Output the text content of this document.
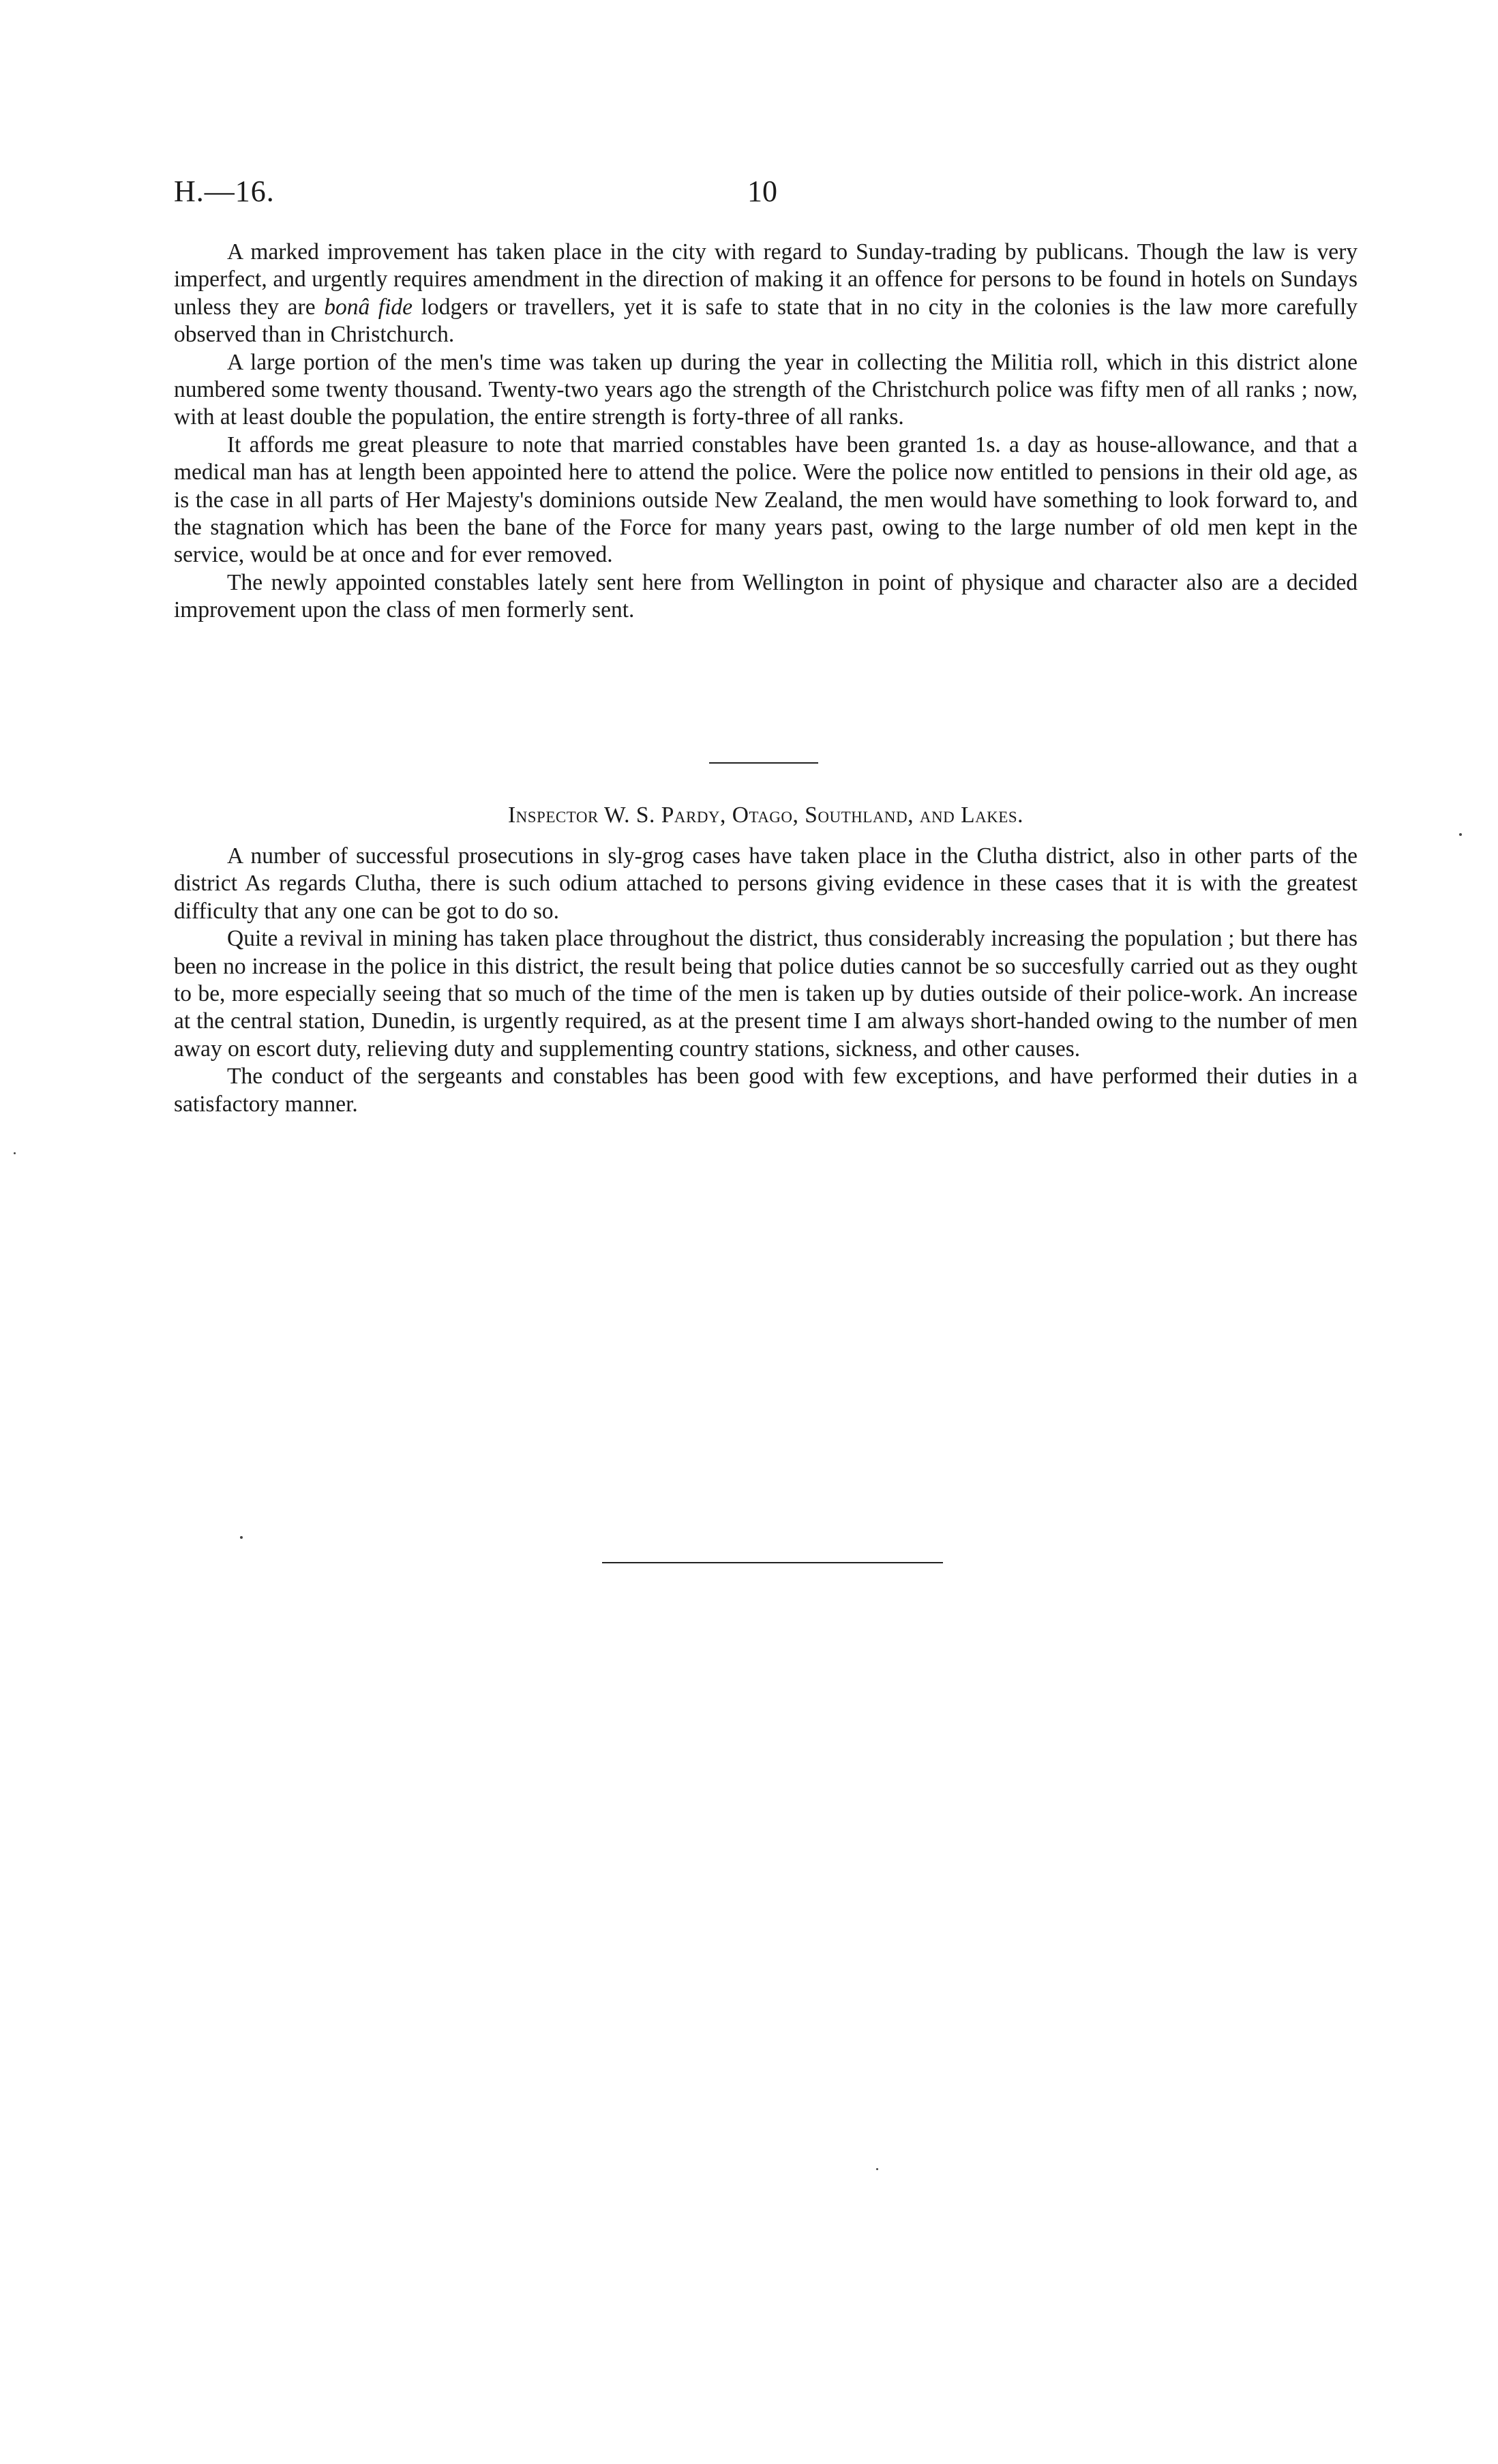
H.—16.	10

A marked improvement has taken place in the city with regard to Sunday-trading by publicans. Though the law is very imperfect, and urgently requires amendment in the direction of making it an offence for persons to be found in hotels on Sundays unless they are bonâ fide lodgers or travellers, yet it is safe to state that in no city in the colonies is the law more carefully observed than in Christchurch.

A large portion of the men's time was taken up during the year in collecting the Militia roll, which in this district alone numbered some twenty thousand. Twenty-two years ago the strength of the Christchurch police was fifty men of all ranks ; now, with at least double the population, the entire strength is forty-three of all ranks.

It affords me great pleasure to note that married constables have been granted 1s. a day as house-allowance, and that a medical man has at length been appointed here to attend the police. Were the police now entitled to pensions in their old age, as is the case in all parts of Her Majesty's dominions outside New Zealand, the men would have something to look forward to, and the stagnation which has been the bane of the Force for many years past, owing to the large number of old men kept in the service, would be at once and for ever removed.

The newly appointed constables lately sent here from Wellington in point of physique and character also are a decided improvement upon the class of men formerly sent.

Inspector W. S. Pardy, Otago, Southland, and Lakes.

A number of successful prosecutions in sly-grog cases have taken place in the Clutha district, also in other parts of the district As regards Clutha, there is such odium attached to persons giving evidence in these cases that it is with the greatest difficulty that any one can be got to do so.

Quite a revival in mining has taken place throughout the district, thus considerably increasing the population ; but there has been no increase in the police in this district, the result being that police duties cannot be so succesfully carried out as they ought to be, more especially seeing that so much of the time of the men is taken up by duties outside of their police-work. An increase at the central station, Dunedin, is urgently required, as at the present time I am always short-handed owing to the number of men away on escort duty, relieving duty and supplementing country stations, sickness, and other causes.

The conduct of the sergeants and constables has been good with few exceptions, and have performed their duties in a satisfactory manner.
